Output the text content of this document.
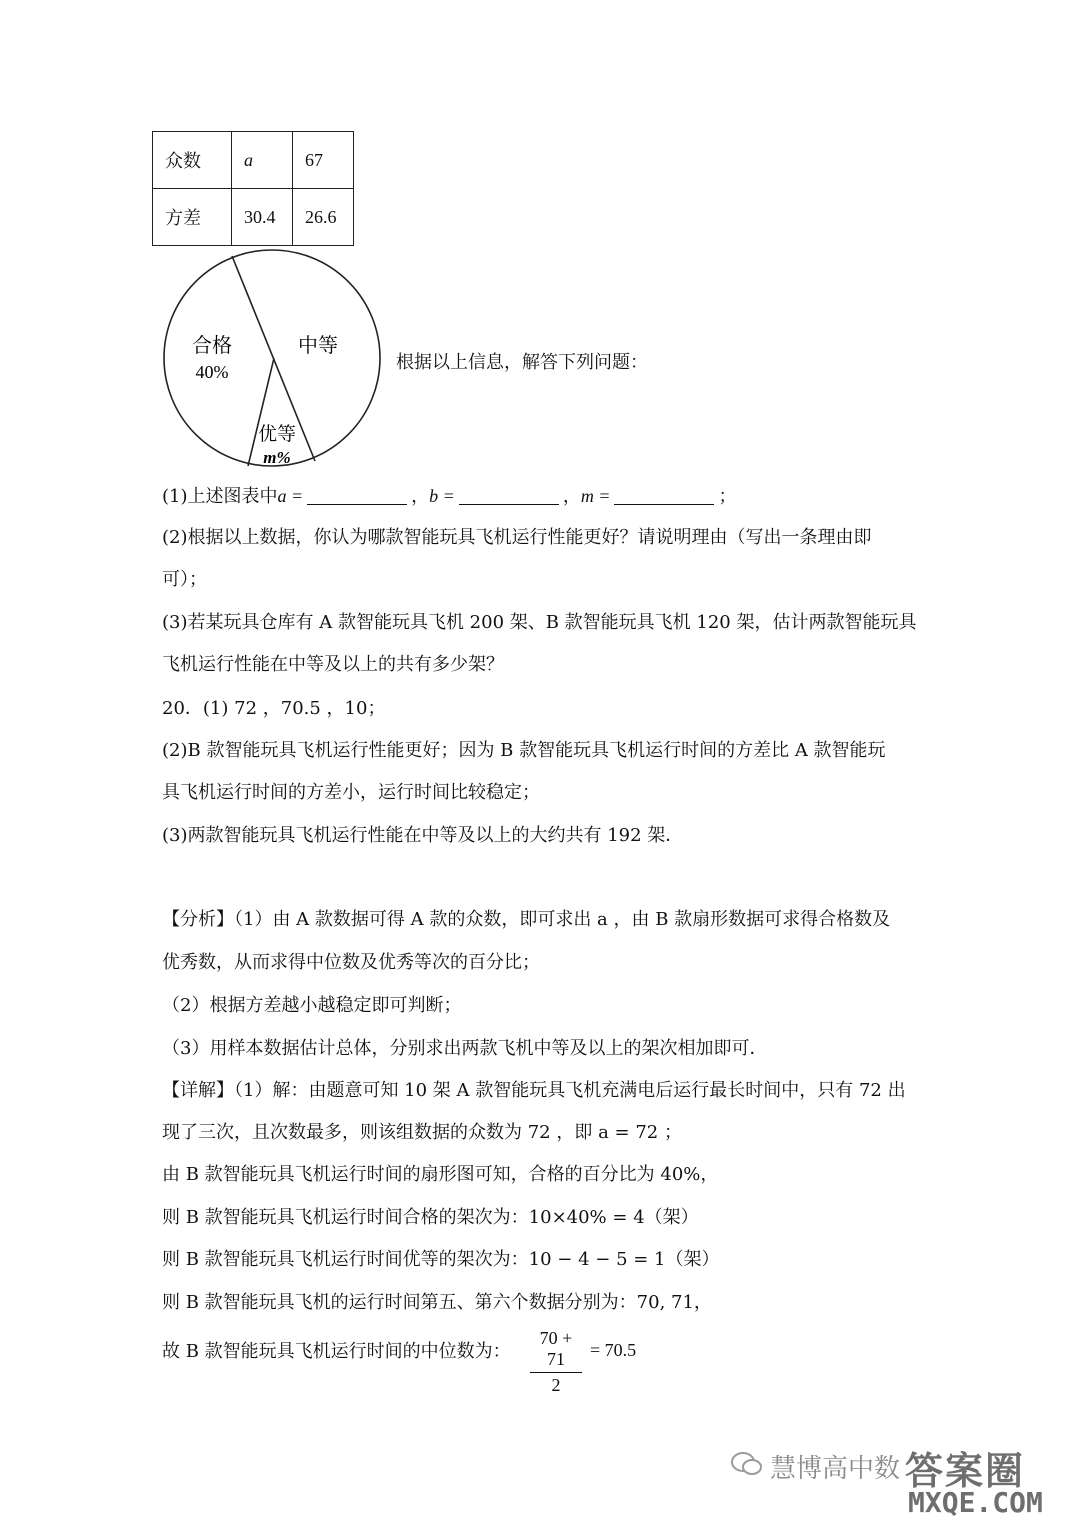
众数	a	67
方差	30.4	26.6
合格
40%
中等
优等
m%
根据以上信息，解答下列问题：
(1)上述图表中a =	，b =	，m =	；
(2)根据以上数据，你认为哪款智能玩具飞机运行性能更好？请说明理由（写出一条理由即
可）；
(3)若某玩具仓库有 A 款智能玩具飞机 200 架、B 款智能玩具飞机 120 架，估计两款智能玩具
飞机运行性能在中等及以上的共有多少架？
20．(1) 72 ，70.5 ，10；
(2)B 款智能玩具飞机运行性能更好；因为 B 款智能玩具飞机运行时间的方差比 A 款智能玩
具飞机运行时间的方差小，运行时间比较稳定；
(3)两款智能玩具飞机运行性能在中等及以上的大约共有 192 架．
【分析】（1）由 A 款数据可得 A 款的众数，即可求出 a ，由 B 款扇形数据可求得合格数及
优秀数，从而求得中位数及优秀等次的百分比；
（2）根据方差越小越稳定即可判断；
（3）用样本数据估计总体，分别求出两款飞机中等及以上的架次相加即可．
【详解】（1）解：由题意可知 10 架 A 款智能玩具飞机充满电后运行最长时间中，只有 72 出
现了三次，且次数最多，则该组数据的众数为 72 ，即 a = 72 ；
由 B 款智能玩具飞机运行时间的扇形图可知，合格的百分比为 40%，
则 B 款智能玩具飞机运行时间合格的架次为：10×40% = 4（架）
则 B 款智能玩具飞机运行时间优等的架次为：10 − 4 − 5 = 1（架）
则 B 款智能玩具飞机的运行时间第五、第六个数据分别为：70, 71，
故 B 款智能玩具飞机运行时间的中位数为： $\frac{70 + 71}{2} = 70.5$
慧博高中数 答案圈
MXQE.COM
